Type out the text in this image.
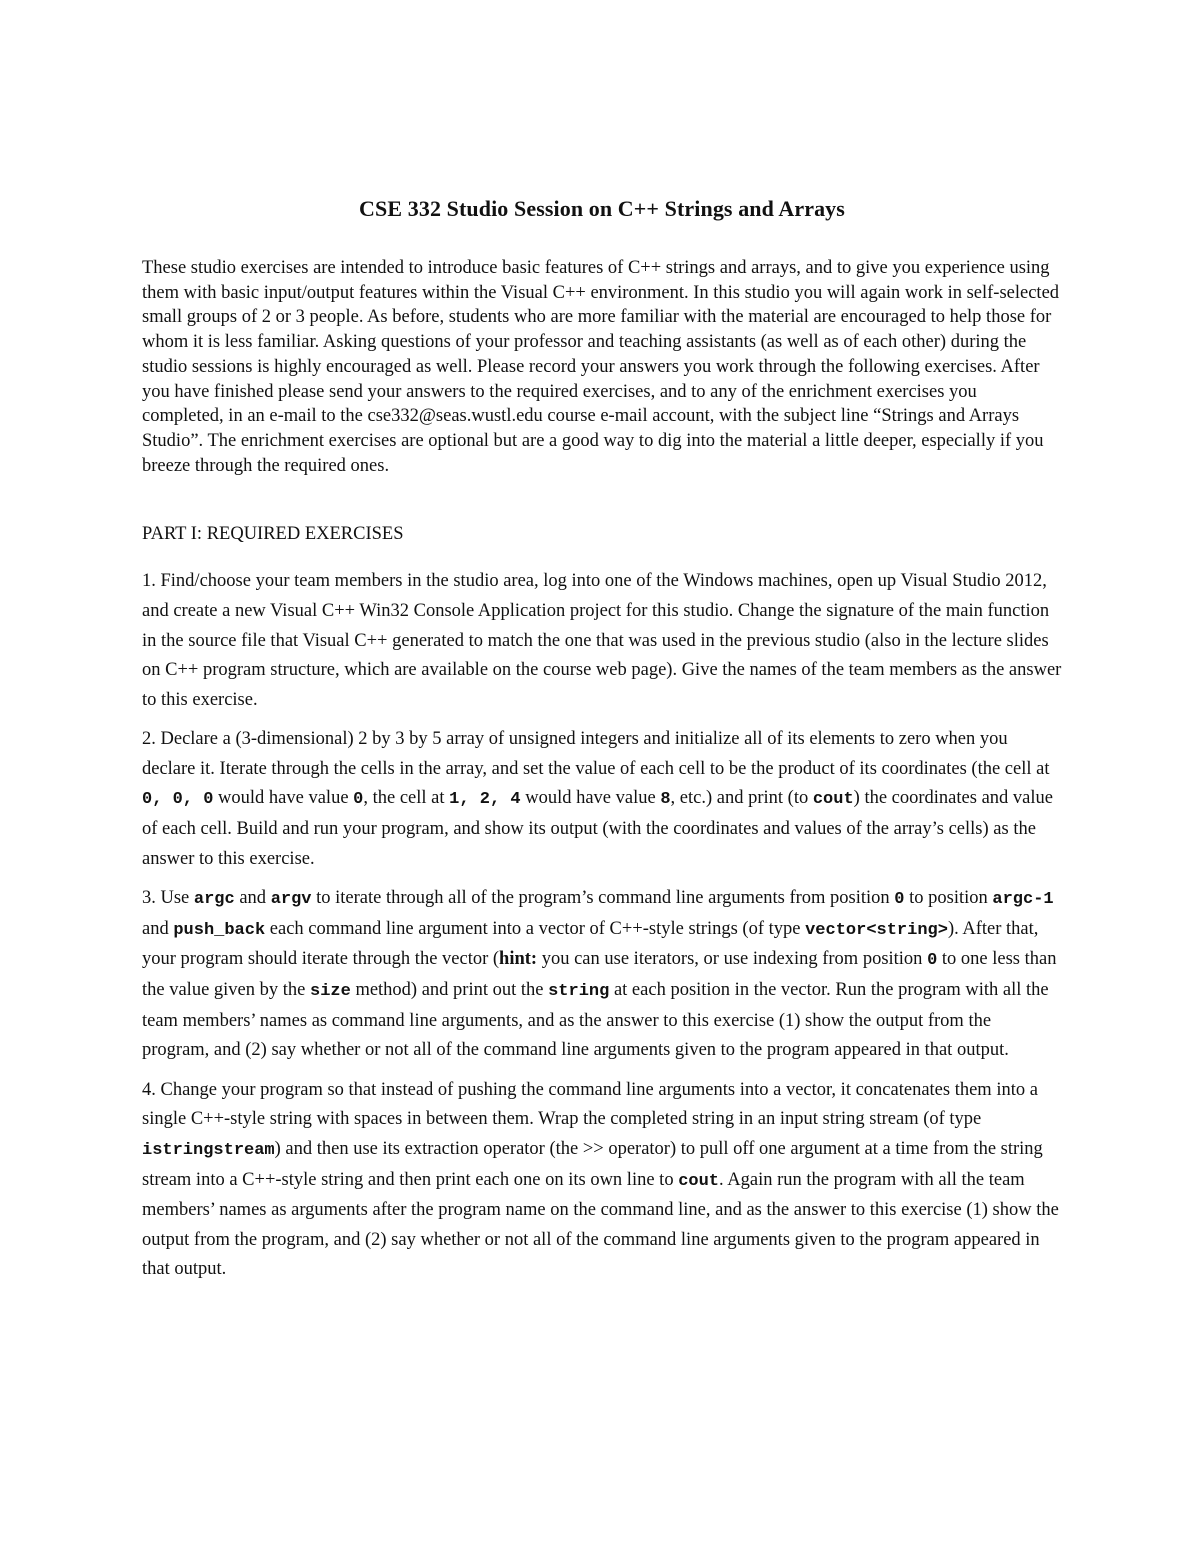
CSE 332 Studio Session on C++ Strings and Arrays

These studio exercises are intended to introduce basic features of C++ strings and arrays, and to give you experience using them with basic input/output features within the Visual C++ environment. In this studio you will again work in self-selected small groups of 2 or 3 people. As before, students who are more familiar with the material are encouraged to help those for whom it is less familiar. Asking questions of your professor and teaching assistants (as well as of each other) during the studio sessions is highly encouraged as well. Please record your answers you work through the following exercises. After you have finished please send your answers to the required exercises, and to any of the enrichment exercises you completed, in an e-mail to the cse332@seas.wustl.edu course e-mail account, with the subject line “Strings and Arrays Studio”. The enrichment exercises are optional but are a good way to dig into the material a little deeper, especially if you breeze through the required ones.

PART I: REQUIRED EXERCISES

1. Find/choose your team members in the studio area, log into one of the Windows machines, open up Visual Studio 2012, and create a new Visual C++ Win32 Console Application project for this studio. Change the signature of the main function in the source file that Visual C++ generated to match the one that was used in the previous studio (also in the lecture slides on C++ program structure, which are available on the course web page). Give the names of the team members as the answer to this exercise.

2. Declare a (3-dimensional) 2 by 3 by 5 array of unsigned integers and initialize all of its elements to zero when you declare it. Iterate through the cells in the array, and set the value of each cell to be the product of its coordinates (the cell at 0, 0, 0 would have value 0, the cell at 1, 2, 4 would have value 8, etc.) and print (to cout) the coordinates and value of each cell. Build and run your program, and show its output (with the coordinates and values of the array’s cells) as the answer to this exercise.

3. Use argc and argv to iterate through all of the program’s command line arguments from position 0 to position argc-1 and push_back each command line argument into a vector of C++-style strings (of type vector<string>). After that, your program should iterate through the vector (hint: you can use iterators, or use indexing from position 0 to one less than the value given by the size method) and print out the string at each position in the vector. Run the program with all the team members’ names as command line arguments, and as the answer to this exercise (1) show the output from the program, and (2) say whether or not all of the command line arguments given to the program appeared in that output.

4. Change your program so that instead of pushing the command line arguments into a vector, it concatenates them into a single C++-style string with spaces in between them. Wrap the completed string in an input string stream (of type istringstream) and then use its extraction operator (the >> operator) to pull off one argument at a time from the string stream into a C++-style string and then print each one on its own line to cout. Again run the program with all the team members’ names as arguments after the program name on the command line, and as the answer to this exercise (1) show the output from the program, and (2) say whether or not all of the command line arguments given to the program appeared in that output.
